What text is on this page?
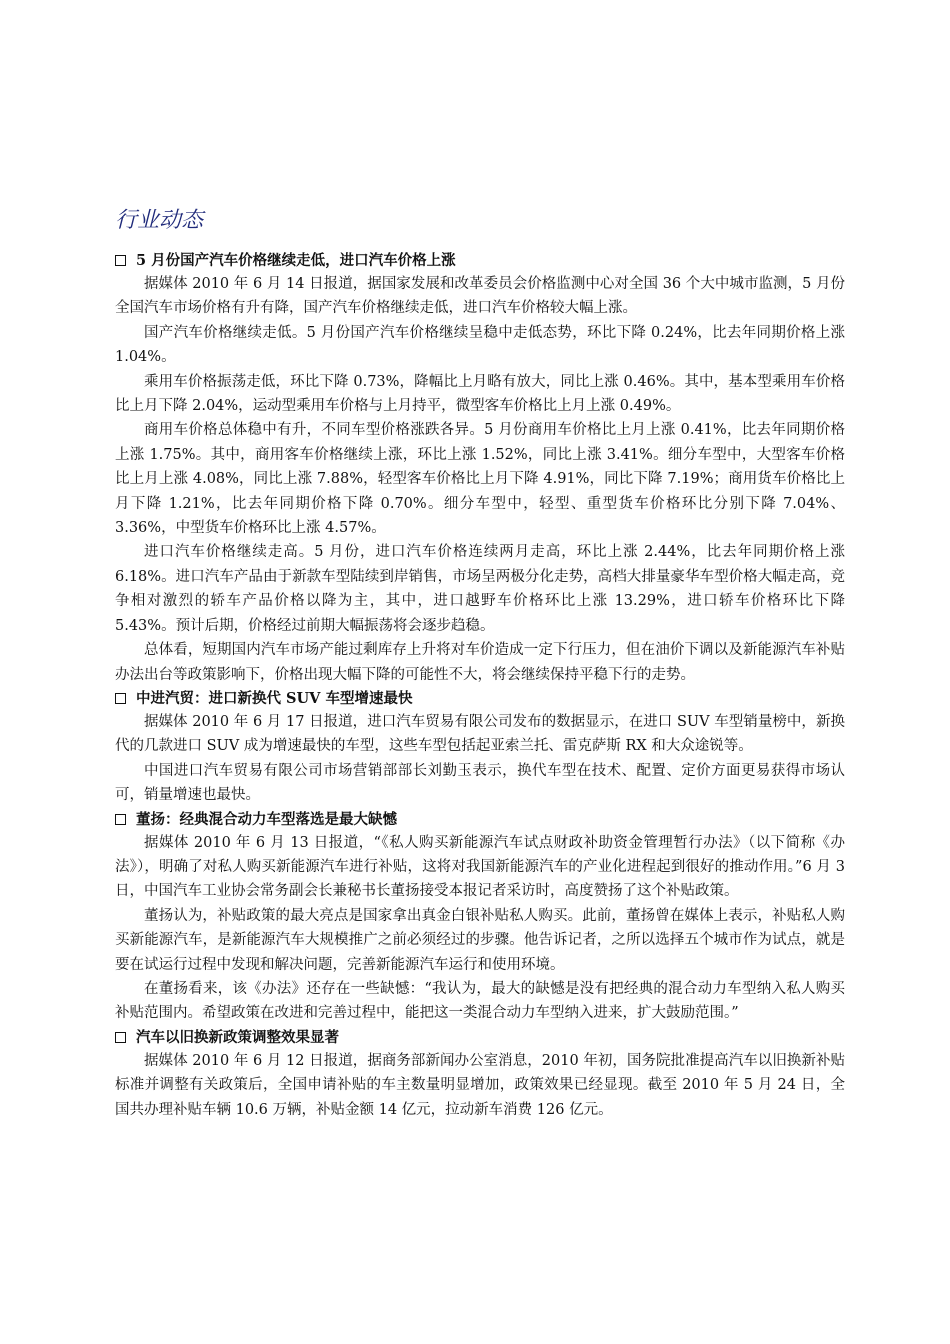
行业动态
5 月份国产汽车价格继续走低，进口汽车价格上涨

据媒体 2010 年 6 月 14 日报道，据国家发展和改革委员会价格监测中心对全国 36 个大中城市监测，5 月份全国汽车市场价格有升有降，国产汽车价格继续走低，进口汽车价格较大幅上涨。

国产汽车价格继续走低。5 月份国产汽车价格继续呈稳中走低态势，环比下降 0.24%，比去年同期价格上涨 1.04%。

乘用车价格振荡走低，环比下降 0.73%，降幅比上月略有放大，同比上涨 0.46%。其中，基本型乘用车价格比上月下降 2.04%，运动型乘用车价格与上月持平，微型客车价格比上月上涨 0.49%。

商用车价格总体稳中有升，不同车型价格涨跌各异。5 月份商用车价格比上月上涨 0.41%，比去年同期价格上涨 1.75%。其中，商用客车价格继续上涨，环比上涨 1.52%，同比上涨 3.41%。细分车型中，大型客车价格比上月上涨 4.08%，同比上涨 7.88%，轻型客车价格比上月下降 4.91%，同比下降 7.19%；商用货车价格比上月下降 1.21%，比去年同期价格下降 0.70%。细分车型中，轻型、重型货车价格环比分别下降 7.04%、3.36%，中型货车价格环比上涨 4.57%。

进口汽车价格继续走高。5 月份，进口汽车价格连续两月走高，环比上涨 2.44%，比去年同期价格上涨 6.18%。进口汽车产品由于新款车型陆续到岸销售，市场呈两极分化走势，高档大排量豪华车型价格大幅走高，竞争相对激烈的轿车产品价格以降为主，其中，进口越野车价格环比上涨 13.29%，进口轿车价格环比下降 5.43%。预计后期，价格经过前期大幅振荡将会逐步趋稳。

总体看，短期国内汽车市场产能过剩库存上升将对车价造成一定下行压力，但在油价下调以及新能源汽车补贴办法出台等政策影响下，价格出现大幅下降的可能性不大，将会继续保持平稳下行的走势。

中进汽贸：进口新换代 SUV 车型增速最快

据媒体 2010 年 6 月 17 日报道，进口汽车贸易有限公司发布的数据显示，在进口 SUV 车型销量榜中，新换代的几款进口 SUV 成为增速最快的车型，这些车型包括起亚索兰托、雷克萨斯 RX 和大众途锐等。

中国进口汽车贸易有限公司市场营销部部长刘勤玉表示，换代车型在技术、配置、定价方面更易获得市场认可，销量增速也最快。

董扬：经典混合动力车型落选是最大缺憾

据媒体 2010 年 6 月 13 日报道，“《私人购买新能源汽车试点财政补助资金管理暂行办法》（以下简称《办法》），明确了对私人购买新能源汽车进行补贴，这将对我国新能源汽车的产业化进程起到很好的推动作用。”6 月 3 日，中国汽车工业协会常务副会长兼秘书长董扬接受本报记者采访时，高度赞扬了这个补贴政策。

董扬认为，补贴政策的最大亮点是国家拿出真金白银补贴私人购买。此前，董扬曾在媒体上表示，补贴私人购买新能源汽车，是新能源汽车大规模推广之前必须经过的步骤。他告诉记者，之所以选择五个城市作为试点，就是要在试运行过程中发现和解决问题，完善新能源汽车运行和使用环境。

在董扬看来，该《办法》还存在一些缺憾：“我认为，最大的缺憾是没有把经典的混合动力车型纳入私人购买补贴范围内。希望政策在改进和完善过程中，能把这一类混合动力车型纳入进来，扩大鼓励范围。”

汽车以旧换新政策调整效果显著

据媒体 2010 年 6 月 12 日报道，据商务部新闻办公室消息，2010 年初，国务院批准提高汽车以旧换新补贴标准并调整有关政策后，全国申请补贴的车主数量明显增加，政策效果已经显现。截至 2010 年 5 月 24 日，全国共办理补贴车辆 10.6 万辆，补贴金额 14 亿元，拉动新车消费 126 亿元。
